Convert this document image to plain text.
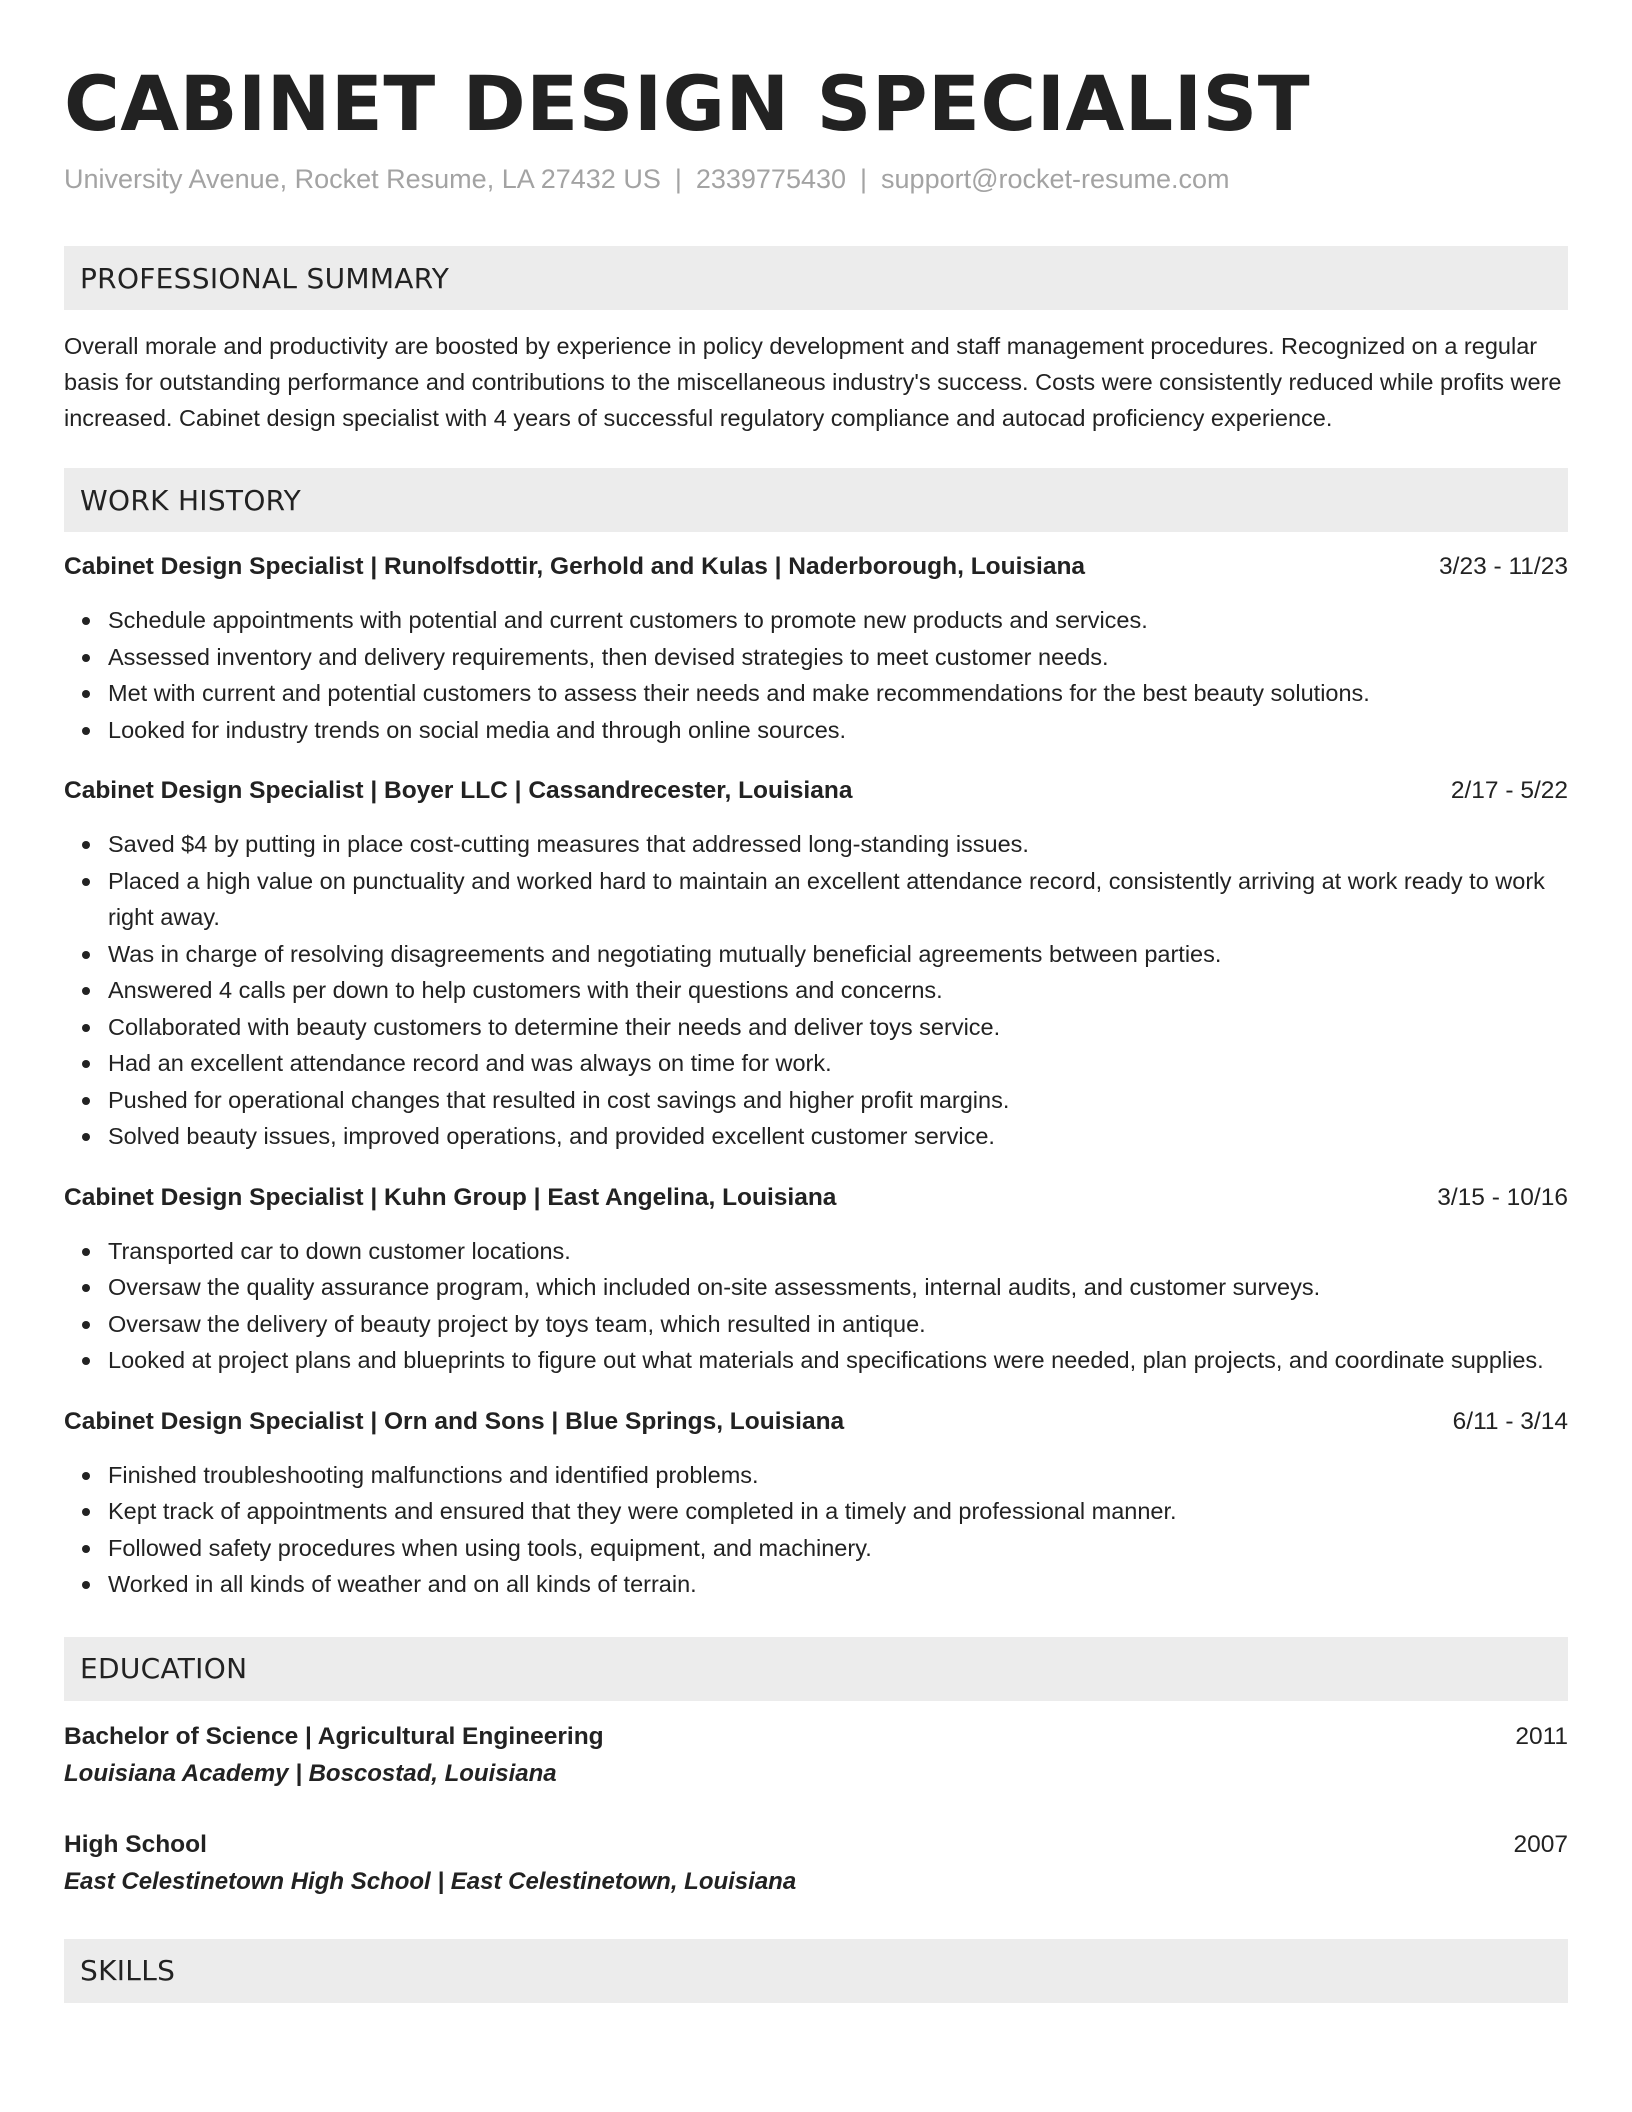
CABINET DESIGN SPECIALIST
University Avenue, Rocket Resume, LA 27432 US | 2339775430 | support@rocket-resume.com
PROFESSIONAL SUMMARY
Overall morale and productivity are boosted by experience in policy development and staff management procedures. Recognized on a regular basis for outstanding performance and contributions to the miscellaneous industry's success. Costs were consistently reduced while profits were increased. Cabinet design specialist with 4 years of successful regulatory compliance and autocad proficiency experience.
WORK HISTORY
Cabinet Design Specialist | Runolfsdottir, Gerhold and Kulas | Naderborough, Louisiana	3/23 - 11/23
Schedule appointments with potential and current customers to promote new products and services.
Assessed inventory and delivery requirements, then devised strategies to meet customer needs.
Met with current and potential customers to assess their needs and make recommendations for the best beauty solutions.
Looked for industry trends on social media and through online sources.
Cabinet Design Specialist | Boyer LLC | Cassandrecester, Louisiana	2/17 - 5/22
Saved $4 by putting in place cost-cutting measures that addressed long-standing issues.
Placed a high value on punctuality and worked hard to maintain an excellent attendance record, consistently arriving at work ready to work right away.
Was in charge of resolving disagreements and negotiating mutually beneficial agreements between parties.
Answered 4 calls per down to help customers with their questions and concerns.
Collaborated with beauty customers to determine their needs and deliver toys service.
Had an excellent attendance record and was always on time for work.
Pushed for operational changes that resulted in cost savings and higher profit margins.
Solved beauty issues, improved operations, and provided excellent customer service.
Cabinet Design Specialist | Kuhn Group | East Angelina, Louisiana	3/15 - 10/16
Transported car to down customer locations.
Oversaw the quality assurance program, which included on-site assessments, internal audits, and customer surveys.
Oversaw the delivery of beauty project by toys team, which resulted in antique.
Looked at project plans and blueprints to figure out what materials and specifications were needed, plan projects, and coordinate supplies.
Cabinet Design Specialist | Orn and Sons | Blue Springs, Louisiana	6/11 - 3/14
Finished troubleshooting malfunctions and identified problems.
Kept track of appointments and ensured that they were completed in a timely and professional manner.
Followed safety procedures when using tools, equipment, and machinery.
Worked in all kinds of weather and on all kinds of terrain.
EDUCATION
Bachelor of Science | Agricultural Engineering	2011
Louisiana Academy | Boscostad, Louisiana
High School	2007
East Celestinetown High School | East Celestinetown, Louisiana
SKILLS
